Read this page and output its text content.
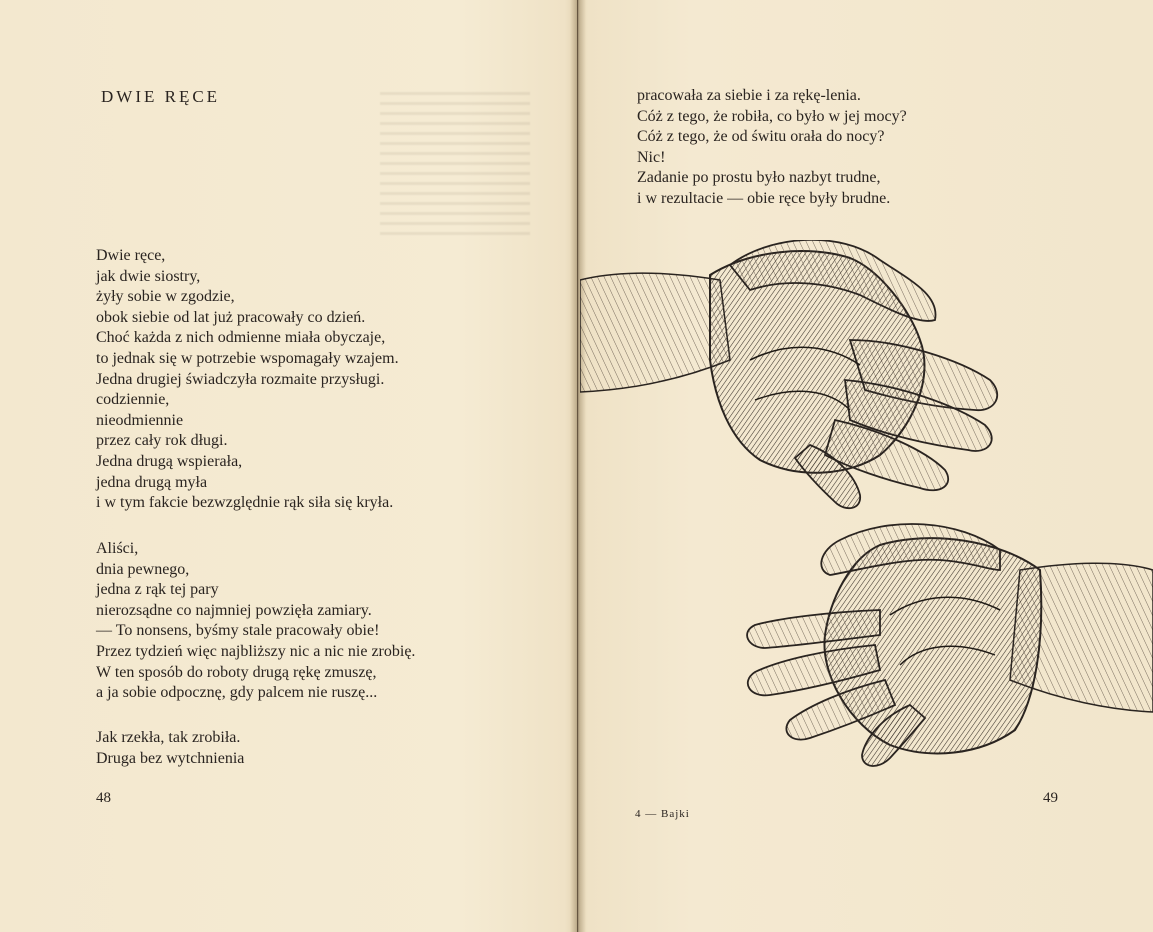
DWIE RĘCE
Dwie ręce,
jak dwie siostry,
żyły sobie w zgodzie,
obok siebie od lat już pracowały co dzień.
Choć każda z nich odmienne miała obyczaje,
to jednak się w potrzebie wspomagały wzajem.
Jedna drugiej świadczyła rozmaite przysługi.
codziennie,
nieodmiennie
przez cały rok długi.
Jedna drugą wspierała,
jedna drugą myła
i w tym fakcie bezwzględnie rąk siła się kryła.
Aliści,
dnia pewnego,
jedna z rąk tej pary
nierozsądne co najmniej powzięła zamiary.
— To nonsens, byśmy stale pracowały obie!
Przez tydzień więc najbliższy nic a nic nie zrobię.
W ten sposób do roboty drugą rękę zmuszę,
a ja sobie odpocznę, gdy palcem nie ruszę...
Jak rzekła, tak zrobiła.
Druga bez wytchnienia
48
pracowała za siebie i za rękę-lenia.
Cóż z tego, że robiła, co było w jej mocy?
Cóż z tego, że od świtu orała do nocy?
Nic!
Zadanie po prostu było nazbyt trudne,
i w rezultacie — obie ręce były brudne.
4 — Bajki
49
